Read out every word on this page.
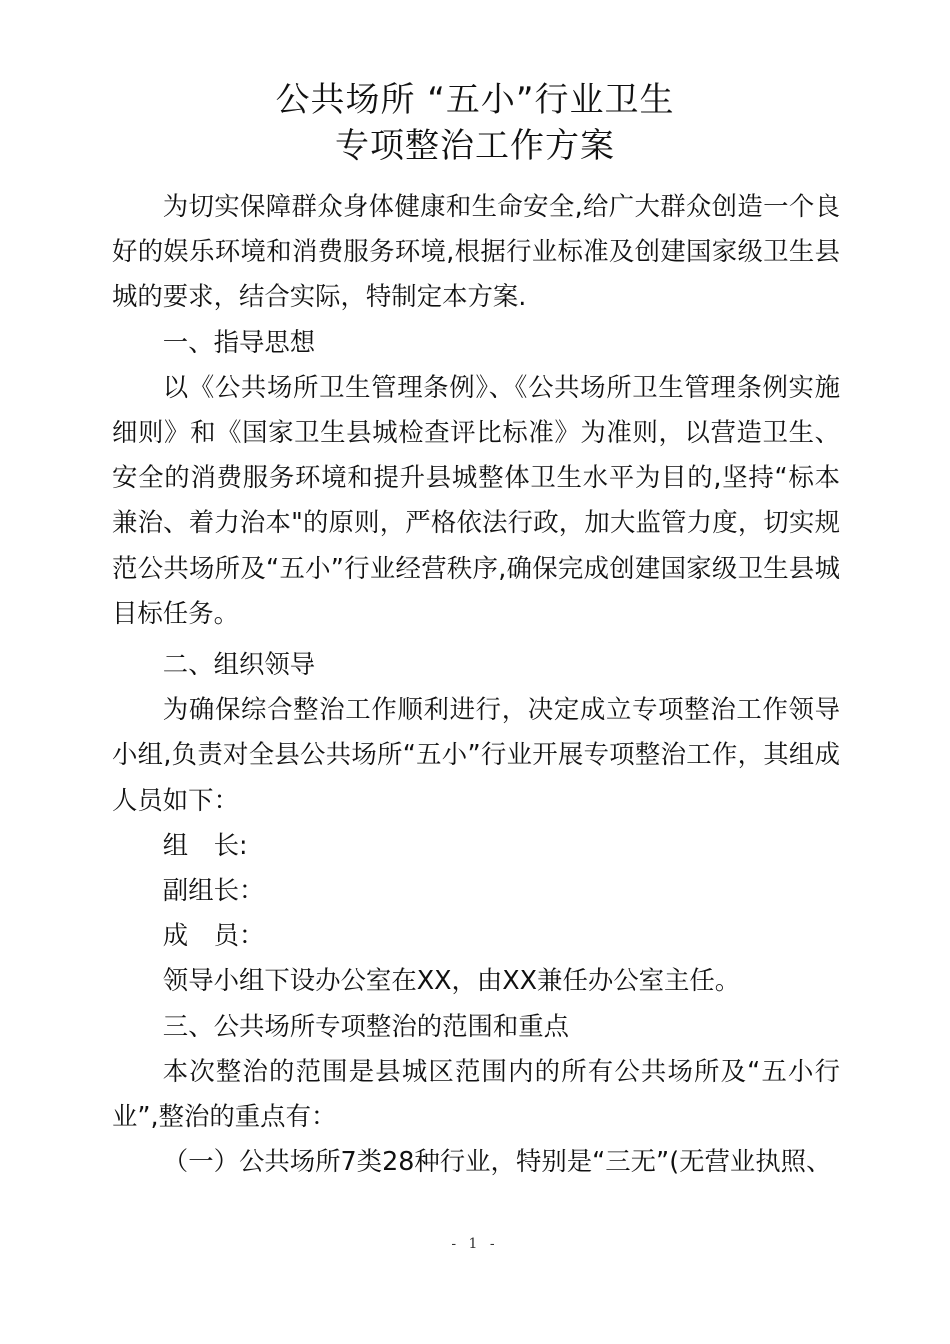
公共场所 “五小”行业卫生
专项整治工作方案

为切实保障群众身体健康和生命安全,给广大群众创造一个良好的娱乐环境和消费服务环境,根据行业标准及创建国家级卫生县城的要求，结合实际，特制定本方案.

一、指导思想

以《公共场所卫生管理条例》、《公共场所卫生管理条例实施细则》和《国家卫生县城检查评比标准》为准则，以营造卫生、安全的消费服务环境和提升县城整体卫生水平为目的,坚持“标本兼治、着力治本"的原则，严格依法行政，加大监管力度，切实规范公共场所及“五小”行业经营秩序,确保完成创建国家级卫生县城目标任务。

二、组织领导

为确保综合整治工作顺利进行，决定成立专项整治工作领导小组,负责对全县公共场所“五小”行业开展专项整治工作，其组成人员如下：

组　长:

副组长：

成　员：

领导小组下设办公室在XX，由XX兼任办公室主任。

三、公共场所专项整治的范围和重点

本次整治的范围是县城区范围内的所有公共场所及“五小行业”,整治的重点有：

（一）公共场所7类28种行业，特别是“三无”(无营业执照、

- 1 -
